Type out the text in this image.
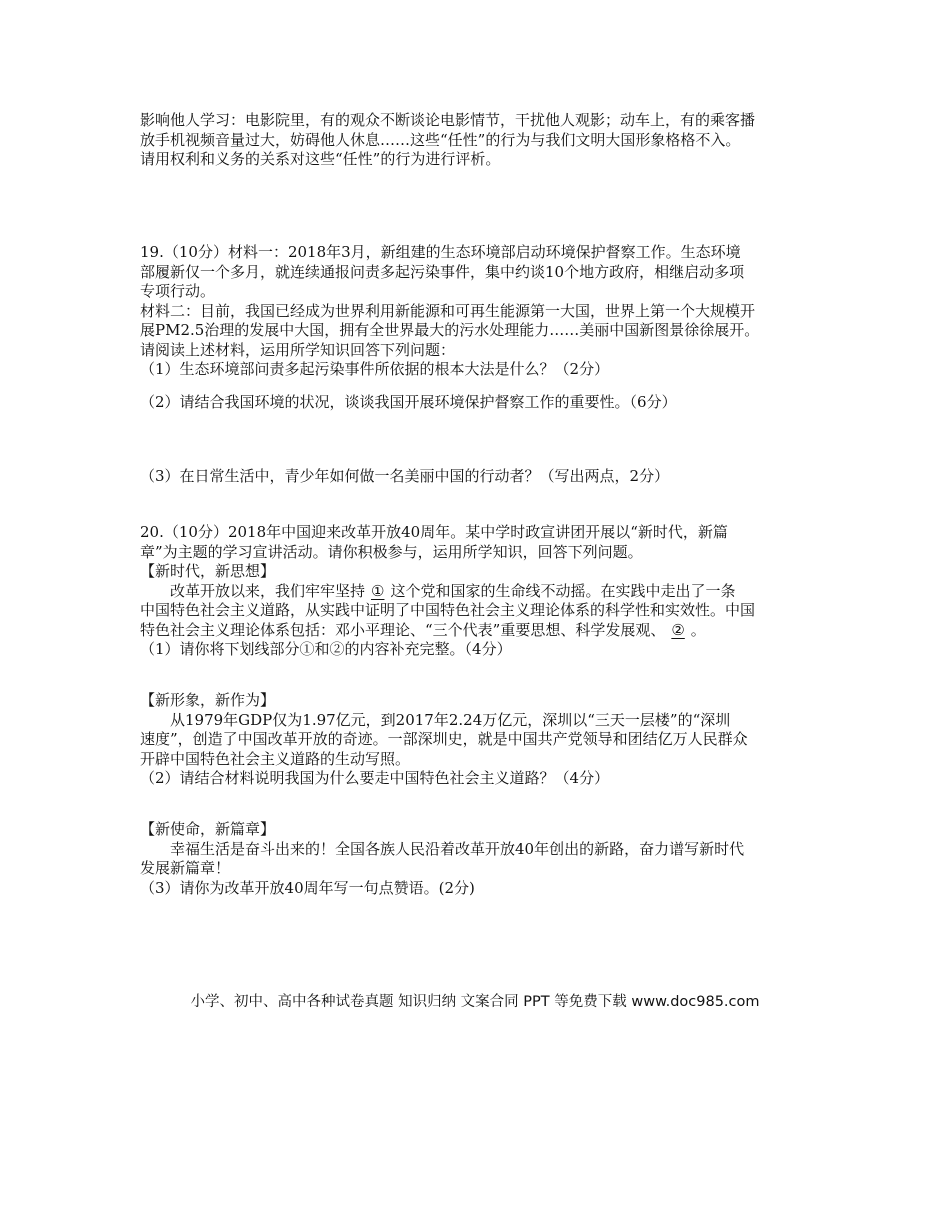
影响他人学习：电影院里，有的观众不断谈论电影情节，干扰他人观影；动车上，有的乘客播
放手机视频音量过大，妨碍他人休息……这些“任性”的行为与我们文明大国形象格格不入。
请用权利和义务的关系对这些“任性”的行为进行评析。
19.（10分）材料一：2018年3月，新组建的生态环境部启动环境保护督察工作。生态环境
部履新仅一个多月，就连续通报问责多起污染事件，集中约谈10个地方政府，相继启动多项
专项行动。
材料二：目前，我国已经成为世界利用新能源和可再生能源第一大国，世界上第一个大规模开
展PM2.5治理的发展中大国，拥有全世界最大的污水处理能力……美丽中国新图景徐徐展开。
请阅读上述材料，运用所学知识回答下列问题：
（1）生态环境部问责多起污染事件所依据的根本大法是什么？（2分）
（2）请结合我国环境的状况，谈谈我国开展环境保护督察工作的重要性。（6分）
（3）在日常生活中，青少年如何做一名美丽中国的行动者？（写出两点，2分）
20.（10分）2018年中国迎来改革开放40周年。某中学时政宣讲团开展以“新时代，新篇
章”为主题的学习宣讲活动。请你积极参与，运用所学知识，回答下列问题。
【新时代，新思想】
改革开放以来，我们牢牢坚持 ① 这个党和国家的生命线不动摇。在实践中走出了一条
中国特色社会主义道路，从实践中证明了中国特色社会主义理论体系的科学性和实效性。中国
特色社会主义理论体系包括：邓小平理论、“三个代表”重要思想、科学发展观、 ② 。
（1）请你将下划线部分①和②的内容补充完整。（4分）
【新形象，新作为】
从1979年GDP仅为1.97亿元，到2017年2.24万亿元，深圳以“三天一层楼”的“深圳
速度”，创造了中国改革开放的奇迹。一部深圳史，就是中国共产党领导和团结亿万人民群众
开辟中国特色社会主义道路的生动写照。
（2）请结合材料说明我国为什么要走中国特色社会主义道路？（4分）
【新使命，新篇章】
幸福生活是奋斗出来的！全国各族人民沿着改革开放40年创出的新路，奋力谱写新时代
发展新篇章！
（3）请你为改革开放40周年写一句点赞语。(2分)
小学、初中、高中各种试卷真题 知识归纳 文案合同 PPT 等免费下载 www.doc985.com
